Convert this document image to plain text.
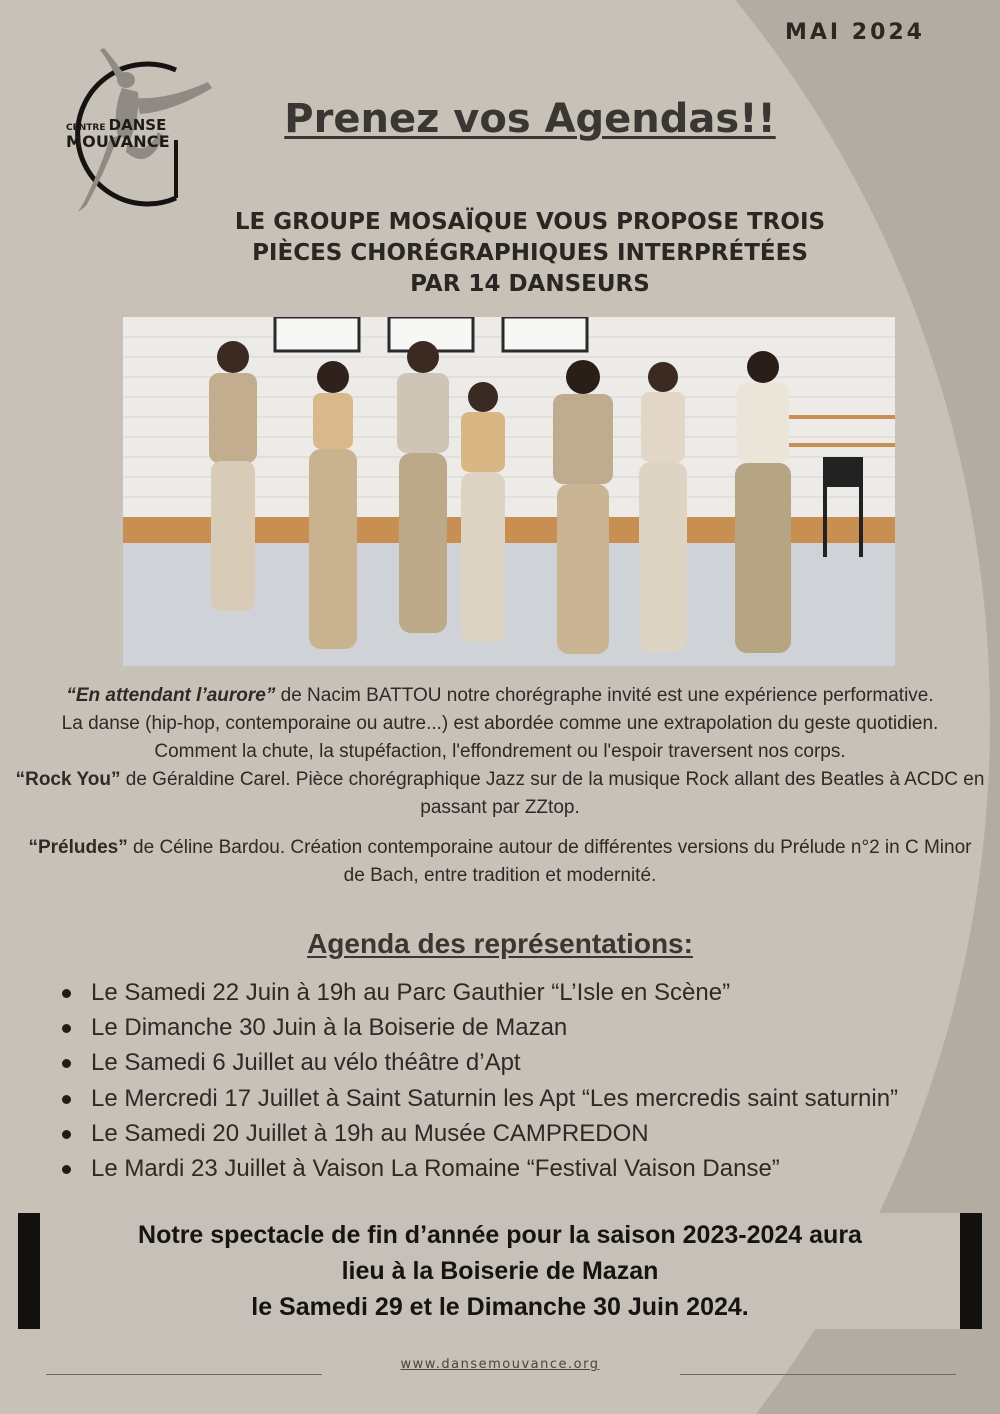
MAI 2024
CENTRE DANSE
MOUVANCE	Prenez vos Agendas!!
LE GROUPE MOSAÏQUE VOUS PROPOSE TROIS
PIÈCES CHORÉGRAPHIQUES INTERPRÉTÉES
PAR 14 DANSEURS

“En attendant l’aurore” de Nacim BATTOU notre chorégraphe invité est une expérience performative.

La danse (hip-hop, contemporaine ou autre...) est abordée comme une extrapolation du geste quotidien.

Comment la chute, la stupéfaction, l'effondrement ou l'espoir traversent nos corps.

“Rock You” de Géraldine Carel. Pièce chorégraphique Jazz sur de la musique Rock allant des Beatles à ACDC en passant par ZZtop.

“Préludes” de Céline Bardou. Création contemporaine autour de différentes versions du Prélude n°2 in C Minor de Bach, entre tradition et modernité.

Agenda des représentations:
Le Samedi 22 Juin à 19h au Parc Gauthier “L’Isle en Scène”
Le Dimanche 30 Juin à la Boiserie de Mazan
Le Samedi 6 Juillet au vélo théâtre d’Apt
Le Mercredi 17 Juillet à Saint Saturnin les Apt “Les mercredis saint saturnin”
Le Samedi 20 Juillet à 19h au Musée CAMPREDON
Le Mardi 23 Juillet à Vaison La Romaine “Festival Vaison Danse”
Notre spectacle de fin d’année pour la saison 2023-2024 aura
lieu à la Boiserie de Mazan
le Samedi 29 et le Dimanche 30 Juin 2024.
www.dansemouvance.org
